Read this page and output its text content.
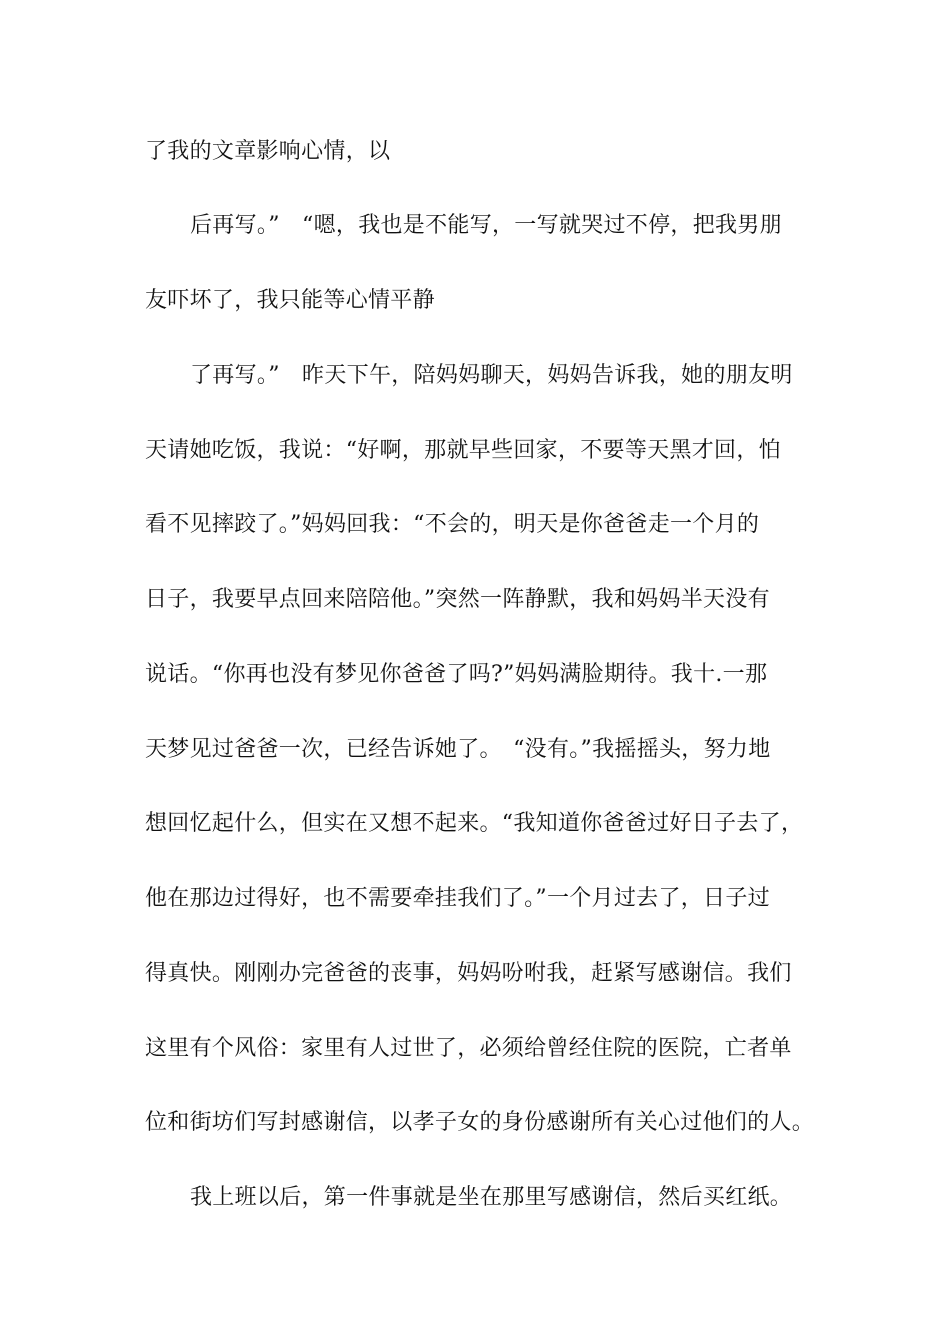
了我的文章影响心情，以
后再写。”　“嗯，我也是不能写，一写就哭过不停，把我男朋
友吓坏了，我只能等心情平静
了再写。”　昨天下午，陪妈妈聊天，妈妈告诉我，她的朋友明
天请她吃饭，我说：“好啊，那就早些回家，不要等天黑才回，怕
看不见摔跤了。”妈妈回我：“不会的，明天是你爸爸走一个月的
日子，我要早点回来陪陪他。”突然一阵静默，我和妈妈半天没有
说话。“你再也没有梦见你爸爸了吗?”妈妈满脸期待。我十.一那
天梦见过爸爸一次，已经告诉她了。　“没有。”我摇摇头，努力地
想回忆起什么，但实在又想不起来。“我知道你爸爸过好日子去了，
他在那边过得好，也不需要牵挂我们了。”一个月过去了，日子过
得真快。刚刚办完爸爸的丧事，妈妈吩咐我，赶紧写感谢信。我们
这里有个风俗：家里有人过世了，必须给曾经住院的医院，亡者单
位和街坊们写封感谢信，以孝子女的身份感谢所有关心过他们的人。
我上班以后，第一件事就是坐在那里写感谢信，然后买红纸。
